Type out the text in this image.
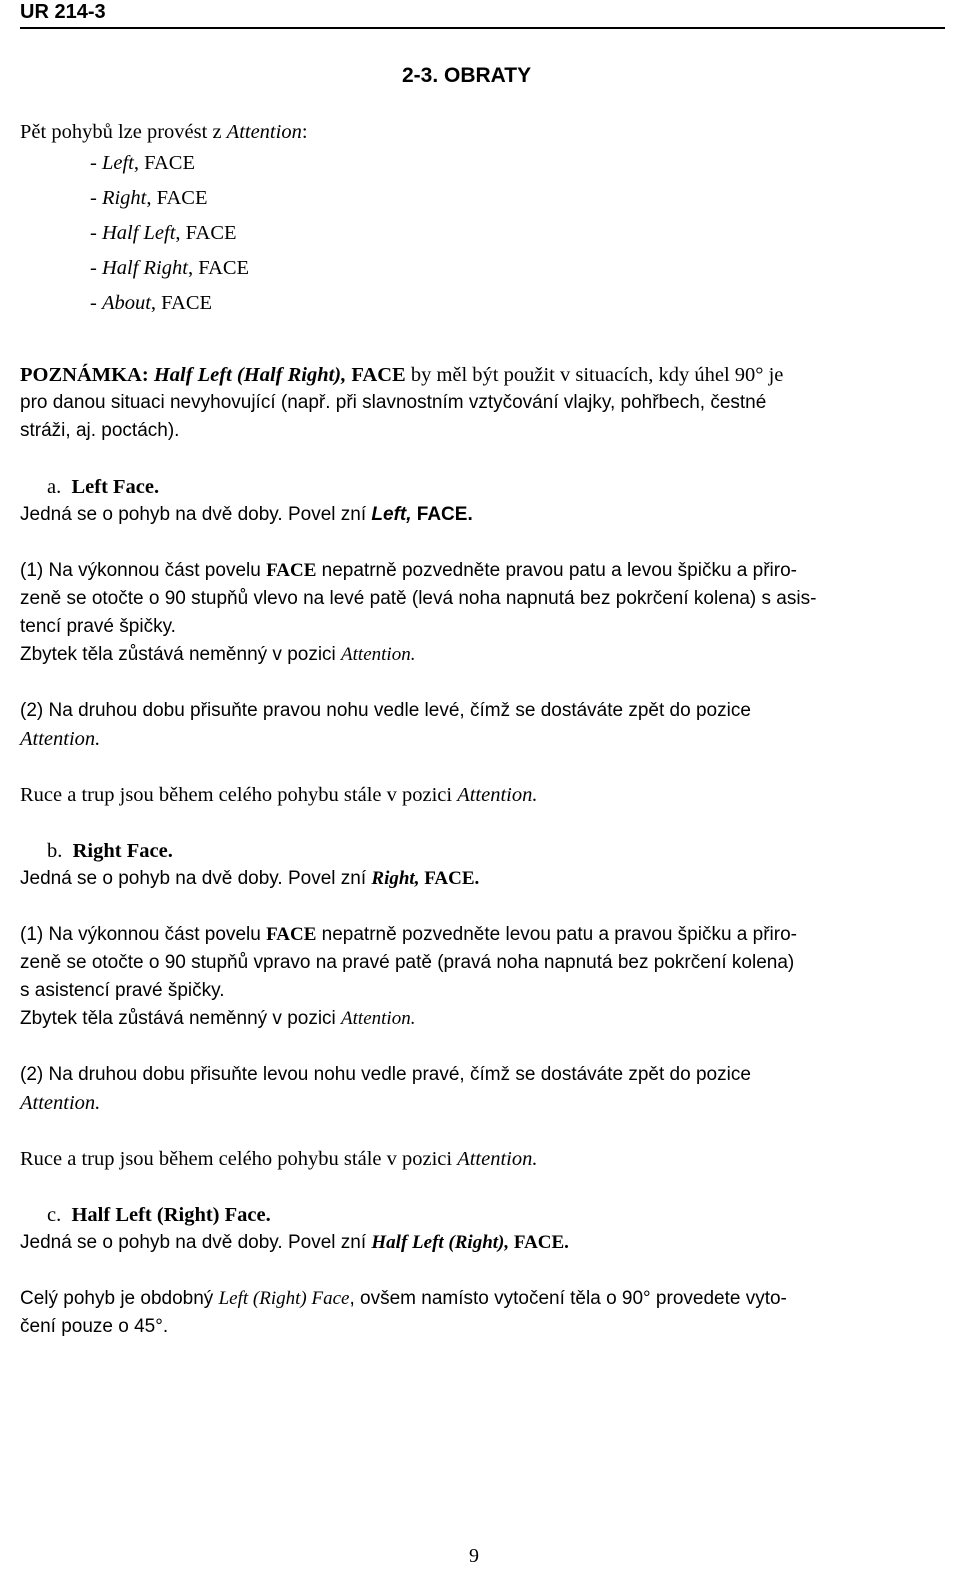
UR 214-3
2-3. OBRATY

Pět pohybů lze provést z Attention:

- Left, FACE
- Right, FACE
- Half Left, FACE
- Half Right, FACE
- About, FACE

POZNÁMKA: Half Left (Half Right), FACE by měl být použit v situacích, kdy úhel 90° je

pro danou situaci nevyhovující (např. při slavnostním vztyčování vlajky, pohřbech, čestné

stráži, aj. poctách).

a. Left Face.

Jedná se o pohyb na dvě doby. Povel zní Left, FACE.

(1) Na výkonnou část povelu FACE nepatrně pozvedněte pravou patu a levou špičku a přiro-

zeně se otočte o 90 stupňů vlevo na levé patě (levá noha napnutá bez pokrčení kolena) s asis-

tencí pravé špičky.

Zbytek těla zůstává neměnný v pozici Attention.

(2) Na druhou dobu přisuňte pravou nohu vedle levé, čímž se dostáváte zpět do pozice

Attention.

Ruce a trup jsou během celého pohybu stále v pozici Attention.

b. Right Face.

Jedná se o pohyb na dvě doby. Povel zní Right, FACE.

(1) Na výkonnou část povelu FACE nepatrně pozvedněte levou patu a pravou špičku a přiro-

zeně se otočte o 90 stupňů vpravo na pravé patě (pravá noha napnutá bez pokrčení kolena)

s asistencí pravé špičky.

Zbytek těla zůstává neměnný v pozici Attention.

(2) Na druhou dobu přisuňte levou nohu vedle pravé, čímž se dostáváte zpět do pozice

Attention.

Ruce a trup jsou během celého pohybu stále v pozici Attention.

c. Half Left (Right) Face.

Jedná se o pohyb na dvě doby. Povel zní Half Left (Right), FACE.

Celý pohyb je obdobný Left (Right) Face, ovšem namísto vytočení těla o 90° provedete vyto-

čení pouze o 45°.

9
